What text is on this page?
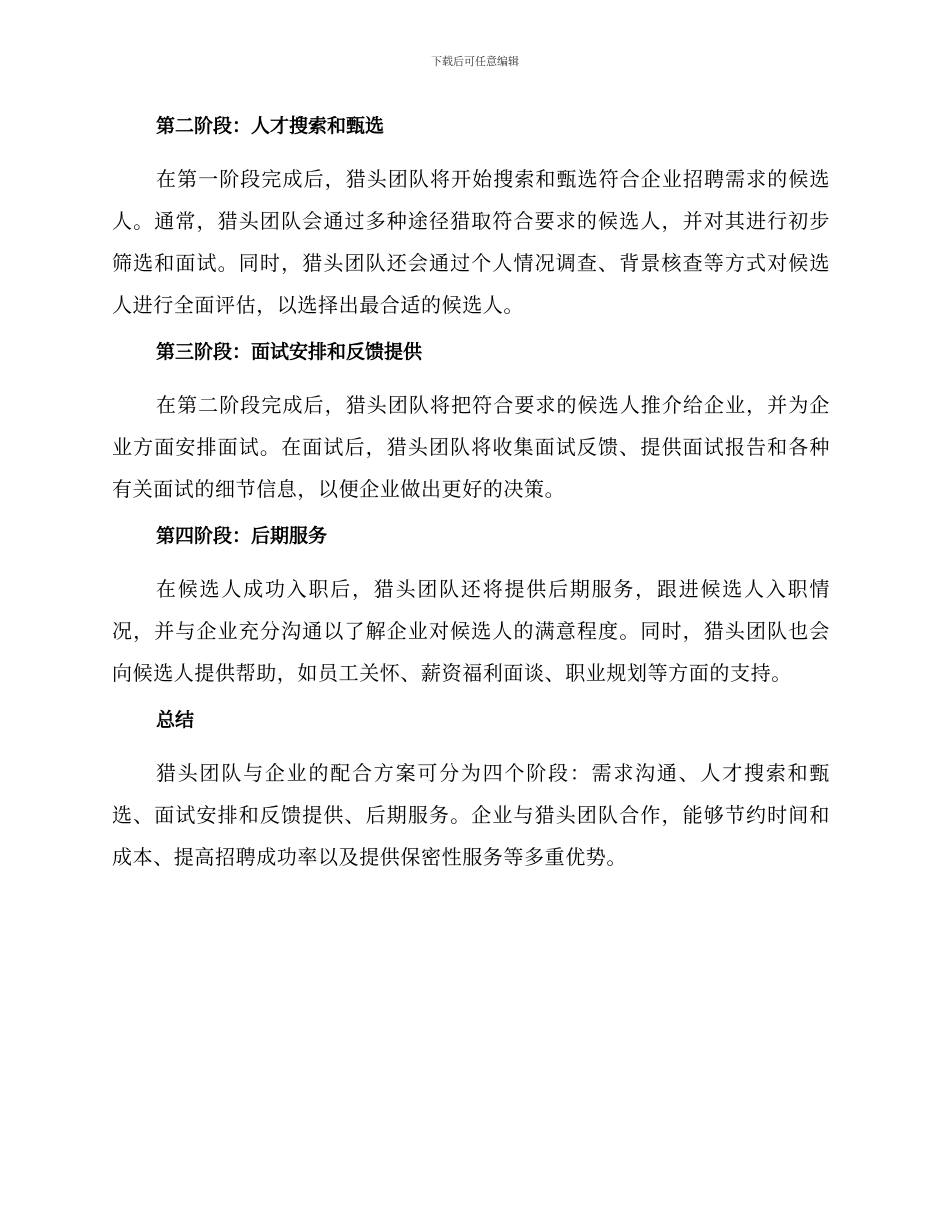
下载后可任意编辑
第二阶段：人才搜索和甄选

在第一阶段完成后，猎头团队将开始搜索和甄选符合企业招聘需求的候选人。通常，猎头团队会通过多种途径猎取符合要求的候选人，并对其进行初步筛选和面试。同时，猎头团队还会通过个人情况调查、背景核查等方式对候选人进行全面评估，以选择出最合适的候选人。

第三阶段：面试安排和反馈提供

在第二阶段完成后，猎头团队将把符合要求的候选人推介给企业，并为企业方面安排面试。在面试后，猎头团队将收集面试反馈、提供面试报告和各种有关面试的细节信息，以便企业做出更好的决策。

第四阶段：后期服务

在候选人成功入职后，猎头团队还将提供后期服务，跟进候选人入职情况，并与企业充分沟通以了解企业对候选人的满意程度。同时，猎头团队也会向候选人提供帮助，如员工关怀、薪资福利面谈、职业规划等方面的支持。

总结

猎头团队与企业的配合方案可分为四个阶段：需求沟通、人才搜索和甄选、面试安排和反馈提供、后期服务。企业与猎头团队合作，能够节约时间和成本、提高招聘成功率以及提供保密性服务等多重优势。
